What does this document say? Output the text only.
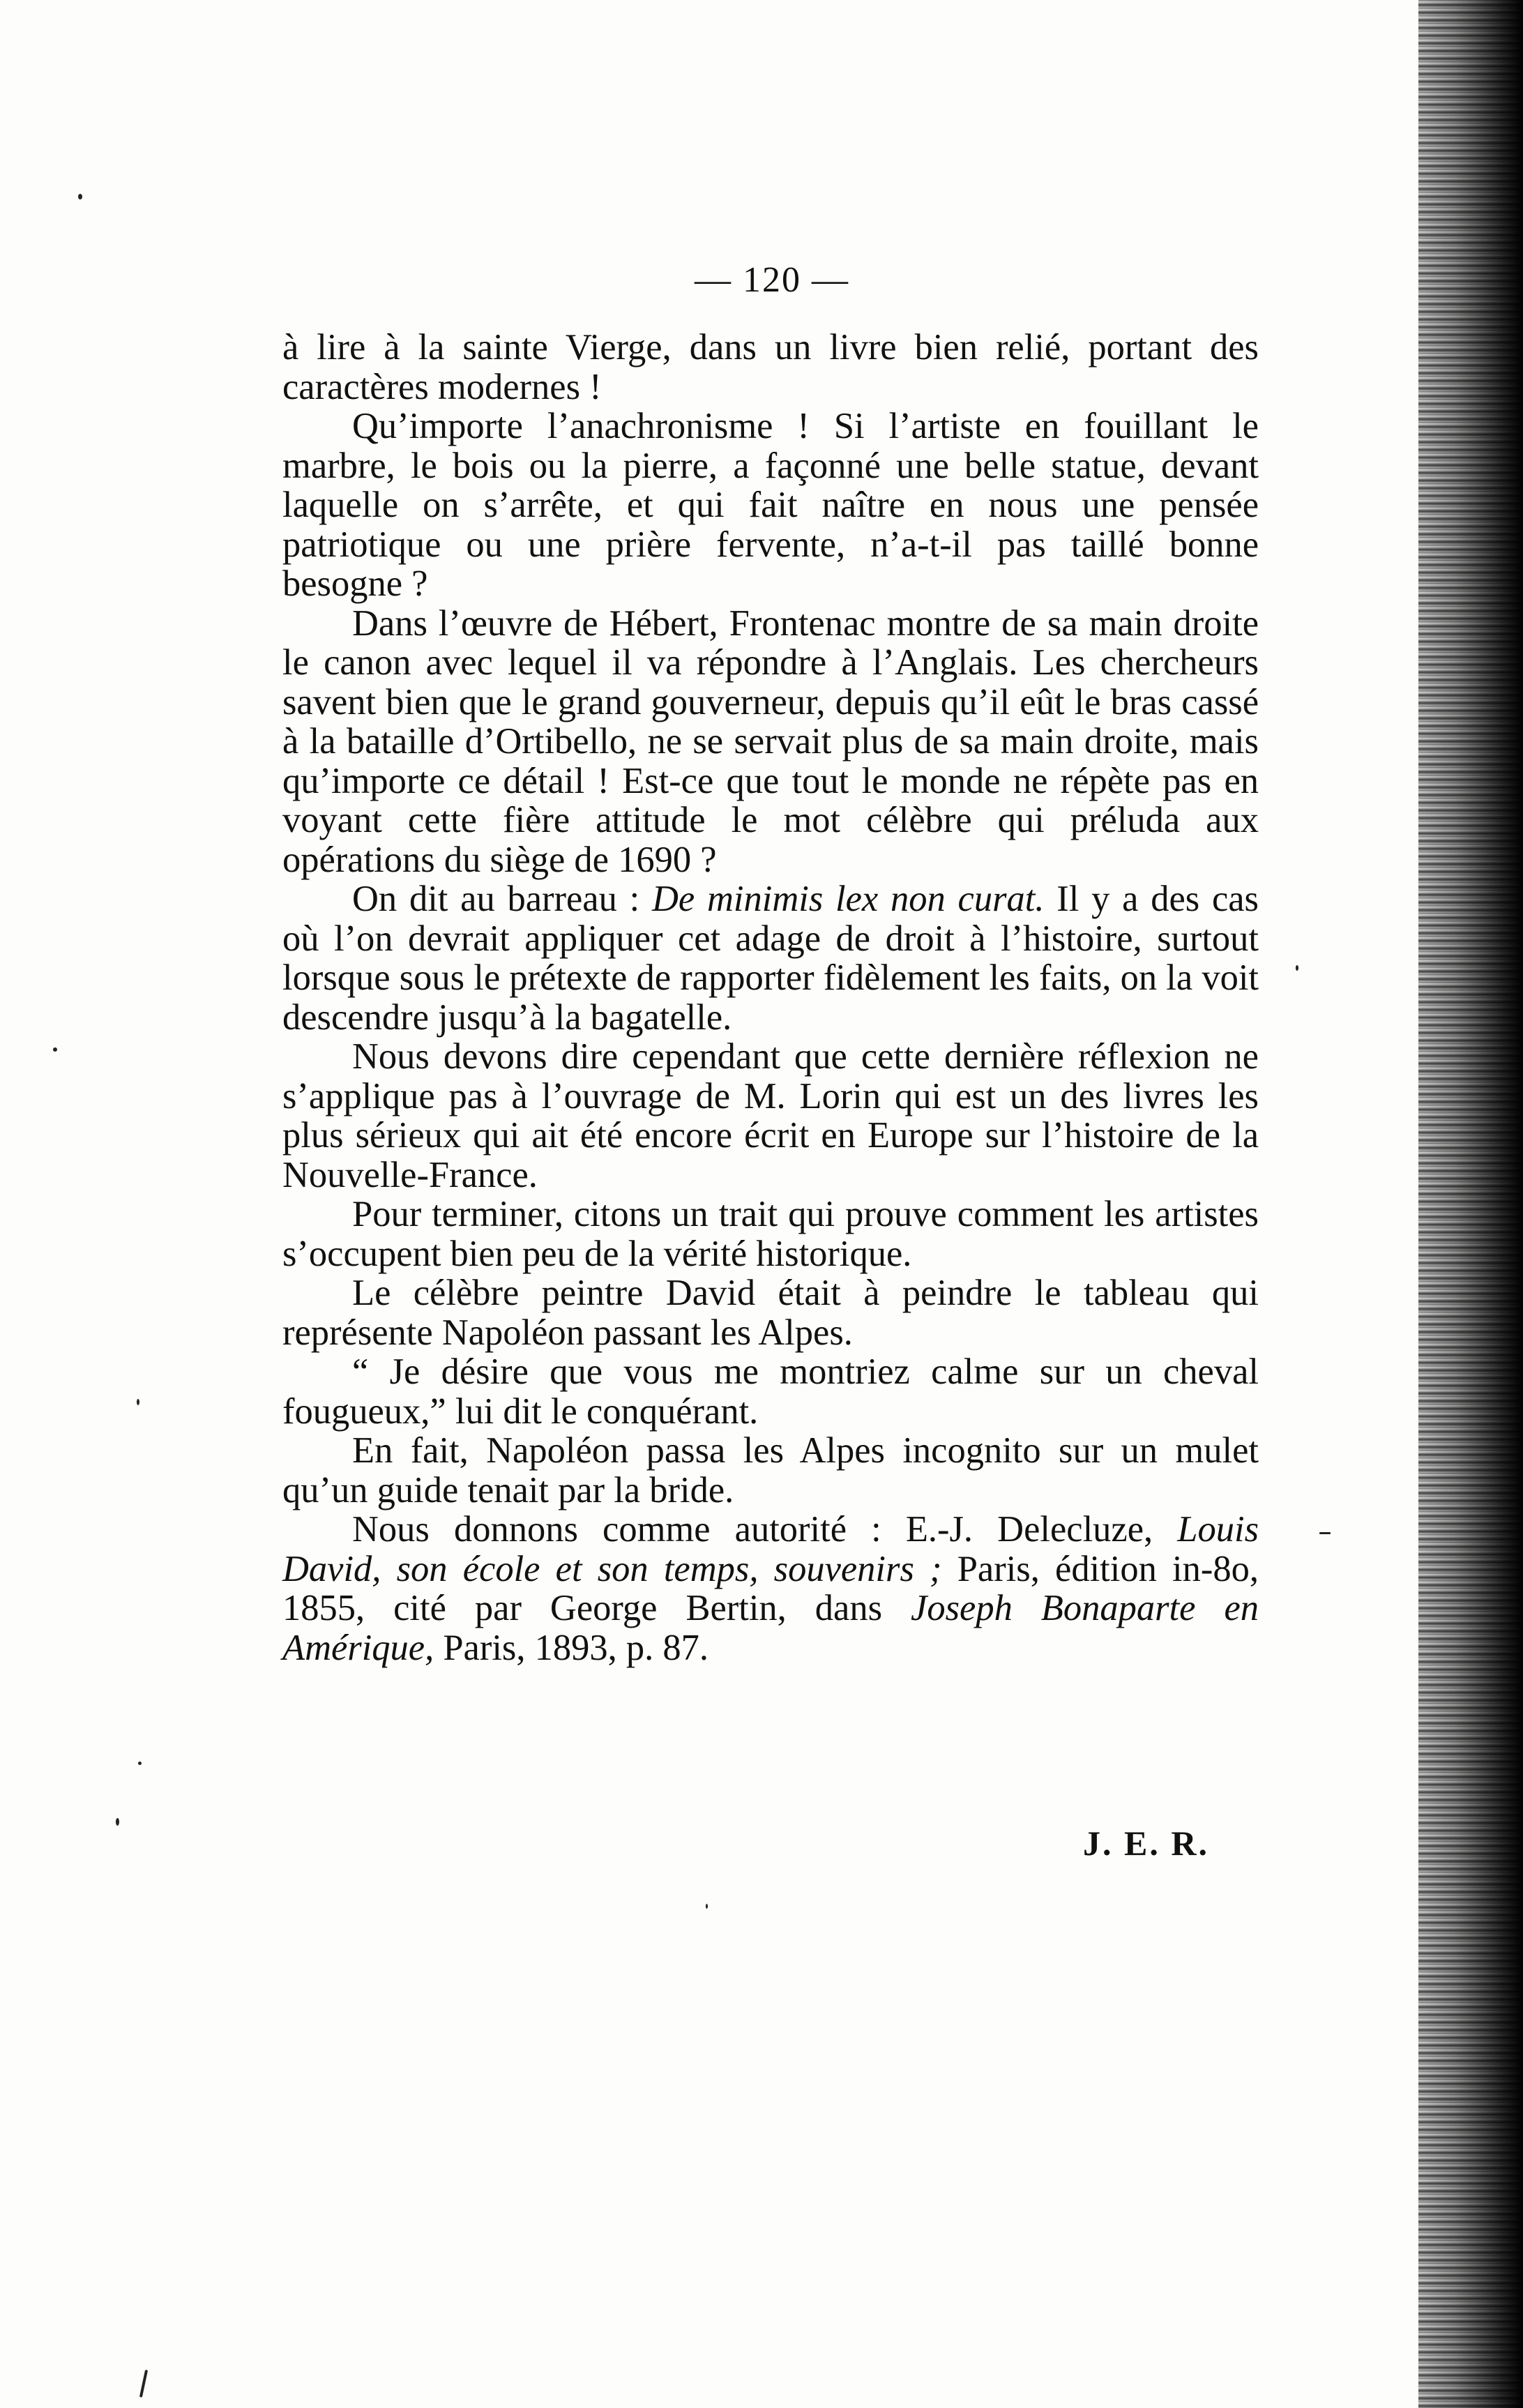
— 120 —

à lire à la sainte Vierge, dans un livre bien relié, portant des caractères modernes !

Qu’importe l’anachronisme ! Si l’artiste en fouillant le marbre, le bois ou la pierre, a façonné une belle statue, devant laquelle on s’arrête, et qui fait naître en nous une pensée patriotique ou une prière fervente, n’a-t-il pas taillé bonne besogne ?

Dans l’œuvre de Hébert, Frontenac montre de sa main droite le canon avec lequel il va répondre à l’Anglais. Les chercheurs savent bien que le grand gouverneur, depuis qu’il eût le bras cassé à la bataille d’Ortibello, ne se servait plus de sa main droite, mais qu’importe ce détail ! Est-ce que tout le monde ne répète pas en voyant cette fière attitude le mot célèbre qui préluda aux opérations du siège de 1690 ?

On dit au barreau : De minimis lex non curat. Il y a des cas où l’on devrait appliquer cet adage de droit à l’histoire, surtout lorsque sous le prétexte de rapporter fidèlement les faits, on la voit descendre jusqu’à la bagatelle.

Nous devons dire cependant que cette dernière réflexion ne s’applique pas à l’ouvrage de M. Lorin qui est un des livres les plus sérieux qui ait été encore écrit en Europe sur l’histoire de la Nouvelle-France.

Pour terminer, citons un trait qui prouve comment les artistes s’occupent bien peu de la vérité historique.

Le célèbre peintre David était à peindre le tableau qui représente Napoléon passant les Alpes.

“ Je désire que vous me montriez calme sur un cheval fougueux,” lui dit le conquérant.

En fait, Napoléon passa les Alpes incognito sur un mulet qu’un guide tenait par la bride.

Nous donnons comme autorité : E.-J. Delecluze, Louis David, son école et son temps, souvenirs ; Paris, édition in-8o, 1855, cité par George Bertin, dans Joseph Bonaparte en Amérique, Paris, 1893, p. 87.

J. E. R.
